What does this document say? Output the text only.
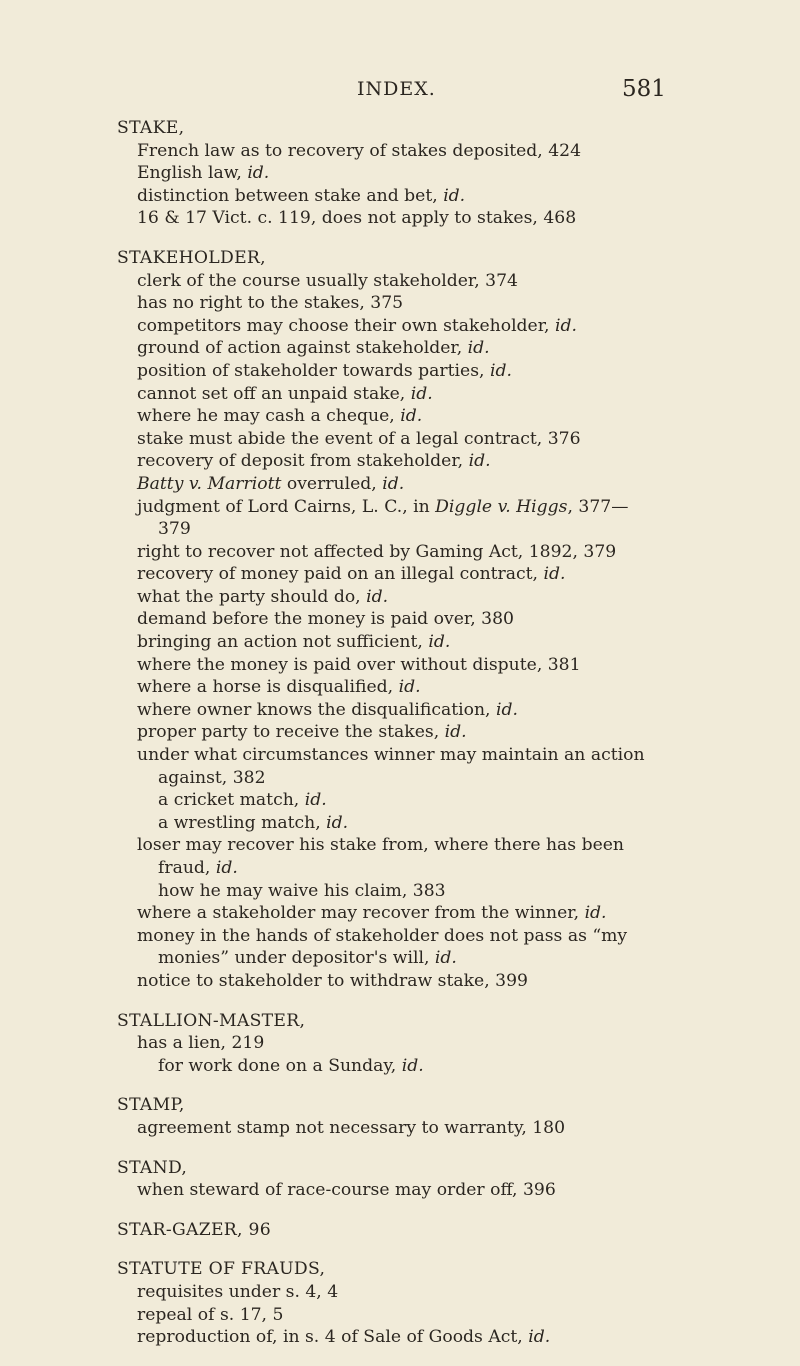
INDEX.	581
STAKE,
French law as to recovery of stakes deposited, 424
English law, id.
distinction between stake and bet, id.
16 & 17 Vict. c. 119, does not apply to stakes, 468
STAKEHOLDER,
clerk of the course usually stakeholder, 374
has no right to the stakes, 375
competitors may choose their own stakeholder, id.
ground of action against stakeholder, id.
position of stakeholder towards parties, id.
cannot set off an unpaid stake, id.
where he may cash a cheque, id.
stake must abide the event of a legal contract, 376
recovery of deposit from stakeholder, id.
Batty v. Marriott overruled, id.
judgment of Lord Cairns, L. C., in Diggle v. Higgs, 377—379
right to recover not affected by Gaming Act, 1892, 379
recovery of money paid on an illegal contract, id.
what the party should do, id.
demand before the money is paid over, 380
bringing an action not sufficient, id.
where the money is paid over without dispute, 381
where a horse is disqualified, id.
where owner knows the disqualification, id.
proper party to receive the stakes, id.
under what circumstances winner may maintain an action against, 382
a cricket match, id.
a wrestling match, id.
loser may recover his stake from, where there has been fraud, id.
how he may waive his claim, 383
where a stakeholder may recover from the winner, id.
money in the hands of stakeholder does not pass as “my monies” under depositor's will, id.
notice to stakeholder to withdraw stake, 399
STALLION-MASTER,
has a lien, 219
for work done on a Sunday, id.
STAMP,
agreement stamp not necessary to warranty, 180
STAND,
when steward of race-course may order off, 396
STAR-GAZER, 96
STATUTE OF FRAUDS,
requisites under s. 4, 4
repeal of s. 17, 5
reproduction of, in s. 4 of Sale of Goods Act, id.
